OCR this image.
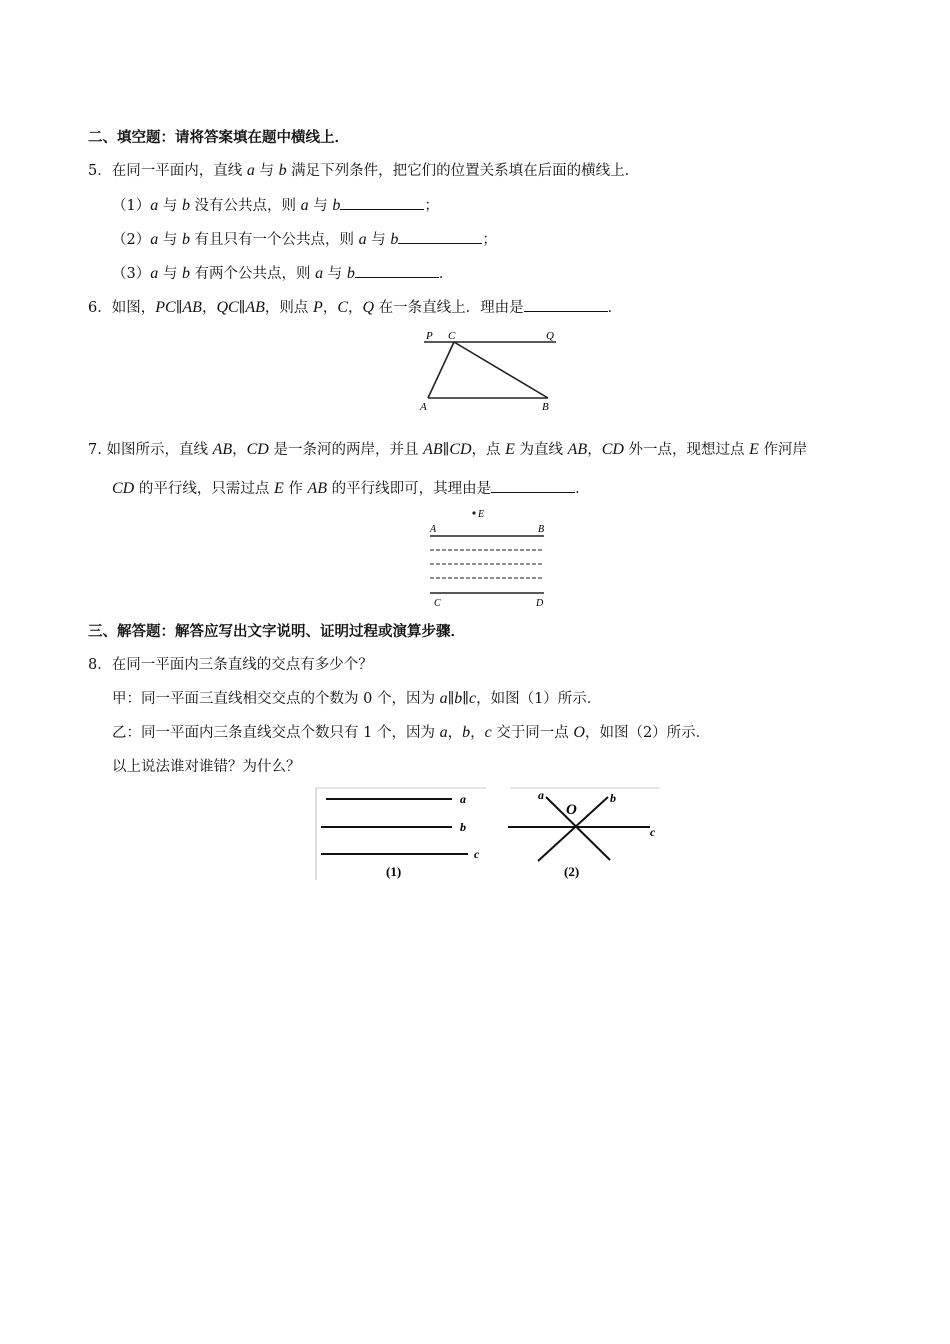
二、填空题：请将答案填在题中横线上．
5．在同一平面内，直线 a 与 b 满足下列条件，把它们的位置关系填在后面的横线上．
（1）a 与 b 没有公共点，则 a 与 b	；
（2）a 与 b 有且只有一个公共点，则 a 与 b	；
（3）a 与 b 有两个公共点，则 a 与 b	．
6．如图，PC∥AB，QC∥AB，则点 P，C，Q 在一条直线上．理由是	．
P C	Q
A	B
7. 如图所示，直线 AB，CD 是一条河的两岸，并且 AB∥CD，点 E 为直线 AB，CD 外一点，现想过点 E 作河岸
CD 的平行线，只需过点 E 作 AB 的平行线即可，其理由是	．
E
A	B
C	D
三、解答题：解答应写出文字说明、证明过程或演算步骤．
8．在同一平面内三条直线的交点有多少个？
甲：同一平面三直线相交交点的个数为 0 个，因为 a∥b∥c，如图（1）所示．
乙：同一平面内三条直线交点个数只有 1 个，因为 a，b，c 交于同一点 O，如图（2）所示．
以上说法谁对谁错？为什么？
a
b
c
(1)
a
O
b
c
(2)
